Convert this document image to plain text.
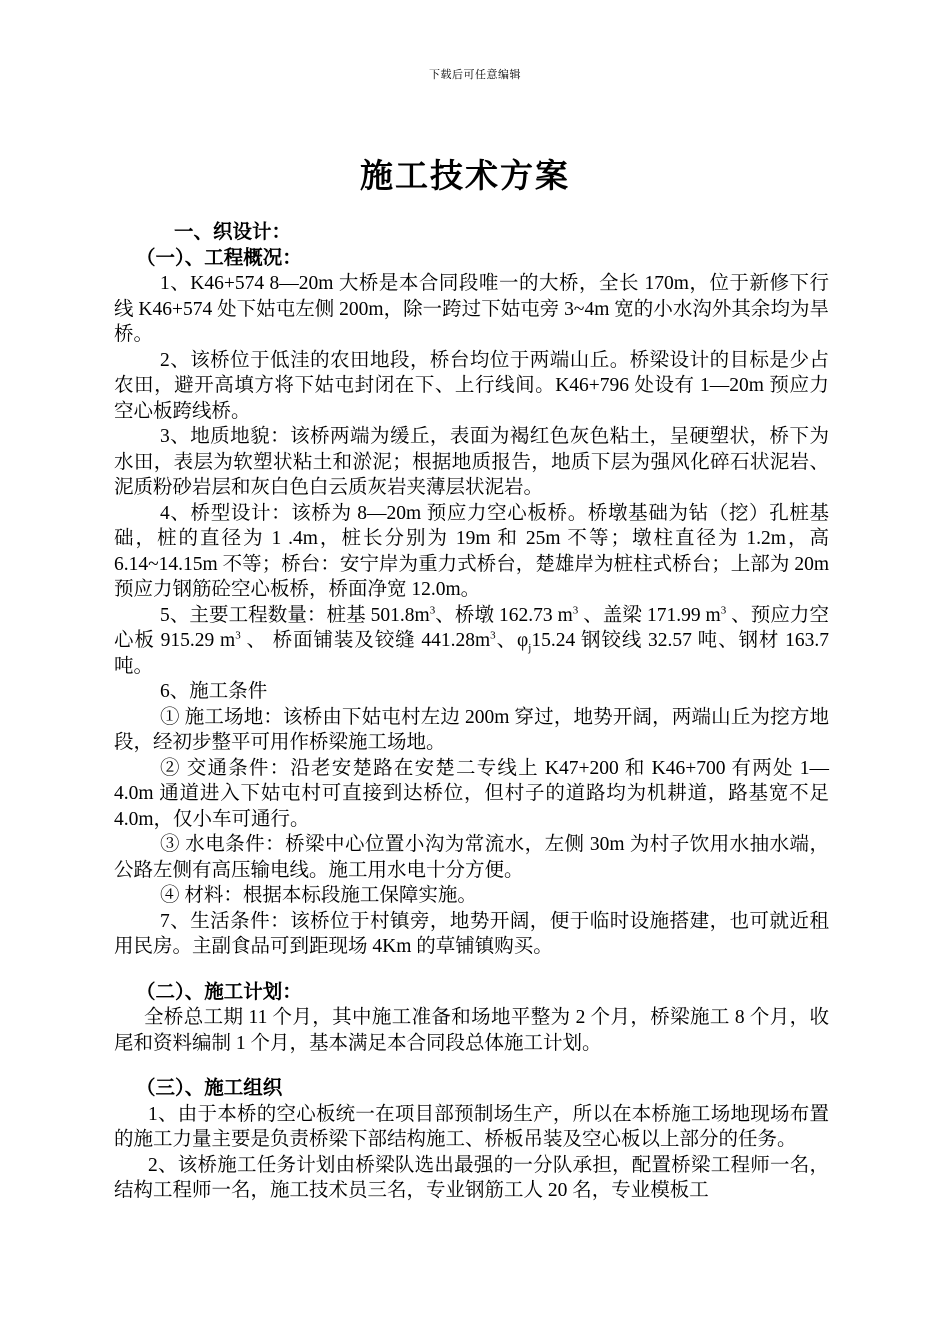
下载后可任意编辑
施工技术方案
一、织设计：
（一）、工程概况：

1、K46+574 8—20m 大桥是本合同段唯一的大桥，全长 170m，位于新修下行线 K46+574 处下姑屯左侧 200m，除一跨过下姑屯旁 3~4m 宽的小水沟外其余均为旱桥。

2、该桥位于低洼的农田地段，桥台均位于两端山丘。桥梁设计的目标是少占农田，避开高填方将下姑屯封闭在下、上行线间。K46+796 处设有 1—20m 预应力空心板跨线桥。

3、地质地貌：该桥两端为缓丘，表面为褐红色灰色粘土，呈硬塑状，桥下为水田，表层为软塑状粘土和淤泥；根据地质报告，地质下层为强风化碎石状泥岩、泥质粉砂岩层和灰白色白云质灰岩夹薄层状泥岩。

4、桥型设计：该桥为 8—20m 预应力空心板桥。桥墩基础为钻（挖）孔桩基础，桩的直径为 1 .4m，桩长分别为 19m 和 25m 不等；墩柱直径为 1.2m，高 6.14~14.15m 不等；桥台：安宁岸为重力式桥台，楚雄岸为桩柱式桥台；上部为 20m 预应力钢筋砼空心板桥，桥面净宽 12.0m。

5、主要工程数量：桩基 $501.8m^3$、桥墩 162.73 $m^3$ 、盖梁 171.99 $m^3$ 、预应力空心板 915.29 $m^3$ 、 桥面铺装及铰缝 $441.28m^3$、$\varphi_j15.24$ 钢铰线 32.57 吨、钢材 163.7 吨。

6、施工条件

① 施工场地：该桥由下姑屯村左边 200m 穿过，地势开阔，两端山丘为挖方地段，经初步整平可用作桥梁施工场地。

② 交通条件：沿老安楚路在安楚二专线上 K47+200 和 K46+700 有两处 1—4.0m 通道进入下姑屯村可直接到达桥位，但村子的道路均为机耕道，路基宽不足 4.0m，仅小车可通行。

③ 水电条件：桥梁中心位置小沟为常流水，左侧 30m 为村子饮用水抽水端，公路左侧有高压输电线。施工用水电十分方便。

④ 材料：根据本标段施工保障实施。

7、生活条件：该桥位于村镇旁，地势开阔，便于临时设施搭建，也可就近租用民房。主副食品可到距现场 4Km 的草铺镇购买。

（二）、施工计划：

全桥总工期 11 个月，其中施工准备和场地平整为 2 个月，桥梁施工 8 个月，收尾和资料编制 1 个月，基本满足本合同段总体施工计划。

（三）、施工组织

1、由于本桥的空心板统一在项目部预制场生产，所以在本桥施工场地现场布置的施工力量主要是负责桥梁下部结构施工、桥板吊装及空心板以上部分的任务。

2、该桥施工任务计划由桥梁队选出最强的一分队承担，配置桥梁工程师一名，结构工程师一名，施工技术员三名，专业钢筋工人 20 名，专业模板工
